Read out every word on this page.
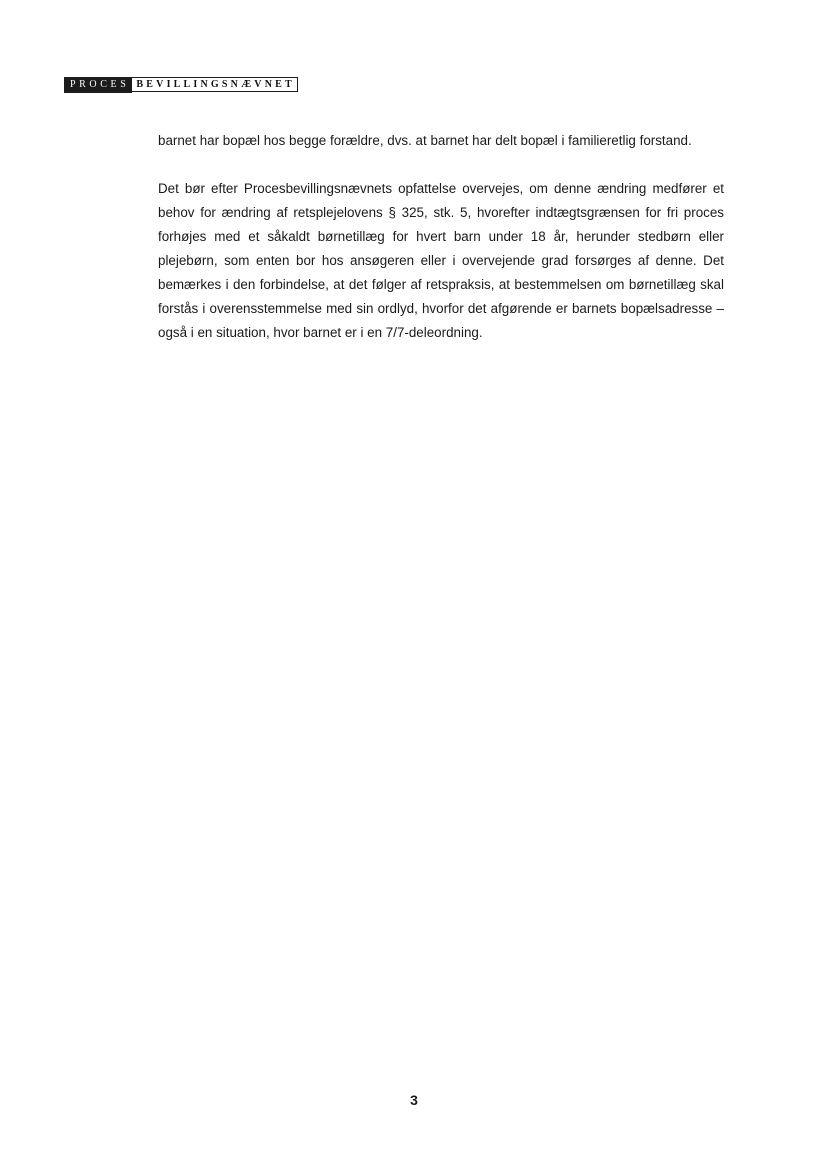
PROCES BEVILLINGSNÆVNET

barnet har bopæl hos begge forældre, dvs. at barnet har delt bopæl i familieretlig forstand.

Det bør efter Procesbevillingsnævnets opfattelse overvejes, om denne ændring medfører et behov for ændring af retsplejelovens § 325, stk. 5, hvorefter indtægtsgrænsen for fri proces forhøjes med et såkaldt børnetillæg for hvert barn under 18 år, herunder stedbørn eller plejebørn, som enten bor hos ansøgeren eller i overvejende grad forsørges af denne. Det bemærkes i den forbindelse, at det følger af retspraksis, at bestemmelsen om børnetillæg skal forstås i overensstemmelse med sin ordlyd, hvorfor det afgørende er barnets bopælsadresse – også i en situation, hvor barnet er i en 7/7-deleordning.

3
